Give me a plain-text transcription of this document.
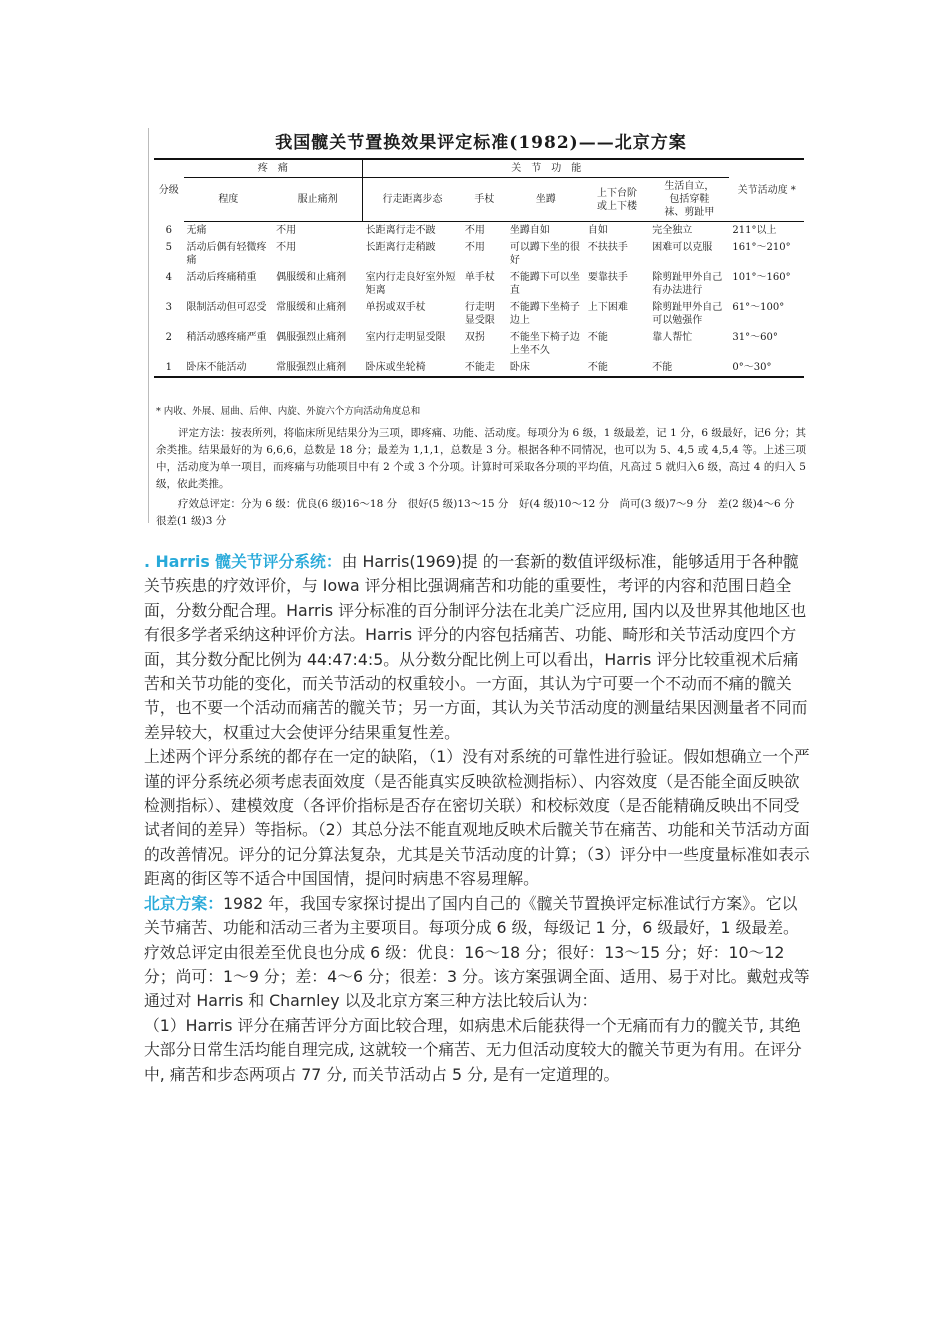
我国髋关节置换效果评定标准(1982)——北京方案
分级	疼　痛		关　节　功　能					关节活动度 *
	程度	服止痛剂	行走距离步态	手杖	坐蹲	上下台阶
或上下楼	生活自立，
包括穿鞋
袜、剪趾甲	
6	无痛	不用	长距离行走不跛	不用	坐蹲自如	自如	完全独立	211°以上
5	活动后偶有轻微疼痛	不用	长距离行走稍跛	不用	可以蹲下坐的很好	不扶扶手	困难可以克服	161°～210°
4	活动后疼痛稍重	偶服缓和止痛剂	室内行走良好室外短矩离	单手杖	不能蹲下可以坐直	要靠扶手	除剪趾甲外自己有办法进行	101°～160°
3	限制活动但可忍受	常服缓和止痛剂	单拐或双手杖	行走明显受限	不能蹲下坐椅子边上	上下困难	除剪趾甲外自己可以勉强作	61°～100°
2	稍活动感疼痛严重	偶服强烈止痛剂	室内行走明显受限	双拐	不能坐下椅子边上坐不久	不能	靠人帮忙	31°～60°
1	卧床不能活动	常服强烈止痛剂	卧床或坐轮椅	不能走	卧床	不能	不能	0°～30°
* 内收、外展、屈曲、后伸、内旋、外旋六个方向活动角度总和
评定方法：按表所列，将临床所见结果分为三项，即疼痛、功能、活动度。每项分为 6 级，1 级最差，记 1 分，6 级最好，记6 分；其余类推。结果最好的为 6,6,6，总数是 18 分；最差为 1,1,1，总数是 3 分。根据各种不同情况，也可以为 5、4,5 或 4,5,4 等。上述三项中，活动度为单一项目，而疼痛与功能项目中有 2 个或 3 个分项。计算时可采取各分项的平均值，凡高过 5 就归入6 级，高过 4 的归入 5 级，依此类推。
疗效总评定：分为 6 级：优良(6 级)16～18 分　很好(5 级)13～15 分　好(4 级)10～12 分　尚可(3 级)7～9 分　差(2 级)4～6 分　很差(1 级)3 分

. Harris 髋关节评分系统：由 Harris(1969)提 的一套新的数值评级标准，能够适用于各种髋关节疾患的疗效评价，与 Iowa 评分相比强调痛苦和功能的重要性，考评的内容和范围日趋全面，分数分配合理。Harris 评分标准的百分制评分法在北美广泛应用, 国内以及世界其他地区也有很多学者采纳这种评价方法。Harris 评分的内容包括痛苦、功能、畸形和关节活动度四个方面，其分数分配比例为 44:47:4:5。从分数分配比例上可以看出，Harris 评分比较重视术后痛苦和关节功能的变化，而关节活动的权重较小。一方面，其认为宁可要一个不动而不痛的髋关节，也不要一个活动而痛苦的髋关节；另一方面，其认为关节活动度的测量结果因测量者不同而差异较大，权重过大会使评分结果重复性差。

上述两个评分系统的都存在一定的缺陷，（1）没有对系统的可靠性进行验证。假如想确立一个严谨的评分系统必须考虑表面效度（是否能真实反映欲检测指标）、内容效度（是否能全面反映欲检测指标）、建模效度（各评价指标是否存在密切关联）和校标效度（是否能精确反映出不同受试者间的差异）等指标。（2）其总分法不能直观地反映术后髋关节在痛苦、功能和关节活动方面的改善情况。评分的记分算法复杂，尤其是关节活动度的计算；（3）评分中一些度量标准如表示距离的街区等不适合中国国情，提问时病患不容易理解。

北京方案：1982 年，我国专家探讨提出了国内自己的《髋关节置换评定标准试行方案》。它以关节痛苦、功能和活动三者为主要项目。每项分成 6 级，每级记 1 分，6 级最好，1 级最差。疗效总评定由很差至优良也分成 6 级：优良：16～18 分；很好：13～15 分；好：10～12 分；尚可：1～9 分；差：4～6 分；很差：3 分。该方案强调全面、适用、易于对比。戴尅戎等通过对 Harris 和 Charnley 以及北京方案三种方法比较后认为：

（1）Harris 评分在痛苦评分方面比较合理，如病患术后能获得一个无痛而有力的髋关节, 其绝大部分日常生活均能自理完成, 这就较一个痛苦、无力但活动度较大的髋关节更为有用。在评分中, 痛苦和步态两项占 77 分, 而关节活动占 5 分, 是有一定道理的。
